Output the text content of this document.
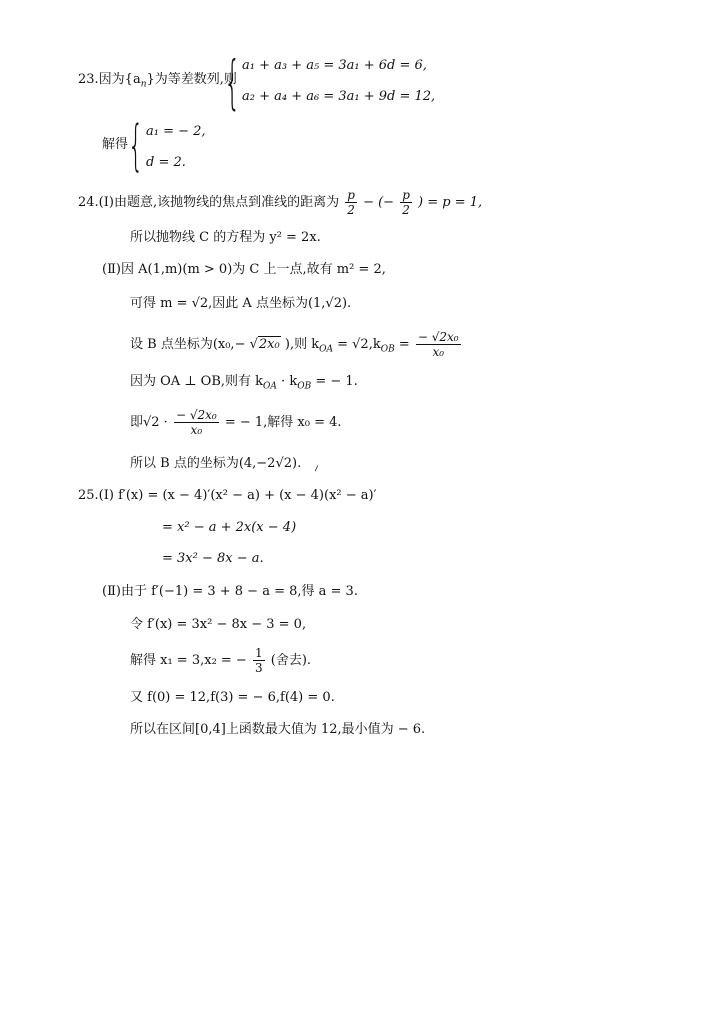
23.因为$\{a_n\}$为等差数列,则
{ a₁ + a₃ + a₅ = 3a₁ + 6d = 6,
a₂ + a₄ + a₆ = 3a₁ + 9d = 12,
解得 { a₁ = − 2,
d = 2.
24.(Ⅰ)由题意,该抛物线的焦点到准线的距离为 $\frac{p}{2}$ − (− $\frac{p}{2}$ ) = p = 1,
所以抛物线 C 的方程为 y² = 2x.
(Ⅱ)因 A(1,m)(m > 0)为 C 上一点,故有 m² = 2,
可得 m = √2,因此 A 点坐标为(1,√2).
设 B 点坐标为(x₀,− √2x₀ ),则 $k_{OA} = √2,k_{OB} = \frac{\text{− √2x₀}}{\text{x₀}}$
因为 OA ⊥ OB,则有 $k_{OA} \cdot k_{OB}$ = − 1.
即$√2 \cdot \frac{\text{− √2x₀}}{\text{x₀}}$ = − 1,解得 x₀ = 4.
所以 B 点的坐标为(4,−2√2). ⸝
25.(Ⅰ) f′(x) = (x − 4)′(x² − a) + (x − 4)(x² − a)′
= x² − a + 2x(x − 4)
= 3x² − 8x − a.
(Ⅱ)由于 f′(−1) = 3 + 8 − a = 8,得 a = 3.
令 f′(x) = 3x² − 8x − 3 = 0,
解得 x₁ = 3,x₂ = − $\frac{1}{3}$ (舍去).
又 f(0) = 12,f(3) = − 6,f(4) = 0.
所以在区间[0,4]上函数最大值为 12,最小值为 − 6.
